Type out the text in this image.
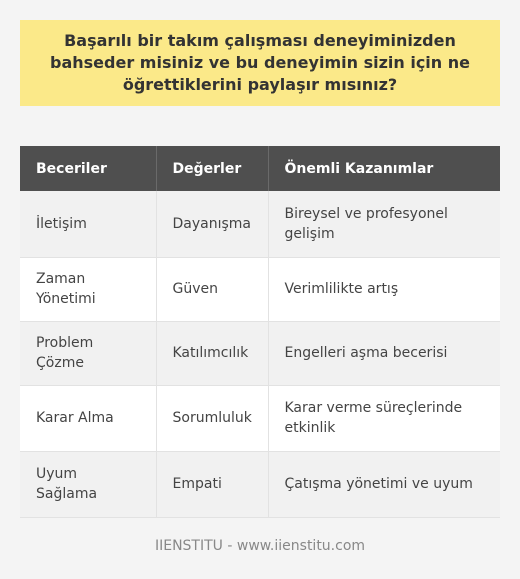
Başarılı bir takım çalışması deneyiminizden bahseder misiniz ve bu deneyimin sizin için ne öğrettiklerini paylaşır mısınız?
Beceriler	Değerler	Önemli Kazanımlar
İletişim	Dayanışma	Bireysel ve profesyonel gelişim
Zaman Yönetimi	Güven	Verimlilikte artış
Problem Çözme	Katılımcılık	Engelleri aşma becerisi
Karar Alma	Sorumluluk	Karar verme süreçlerinde etkinlik
Uyum Sağlama	Empati	Çatışma yönetimi ve uyum
IIENSTITU - www.iienstitu.com
